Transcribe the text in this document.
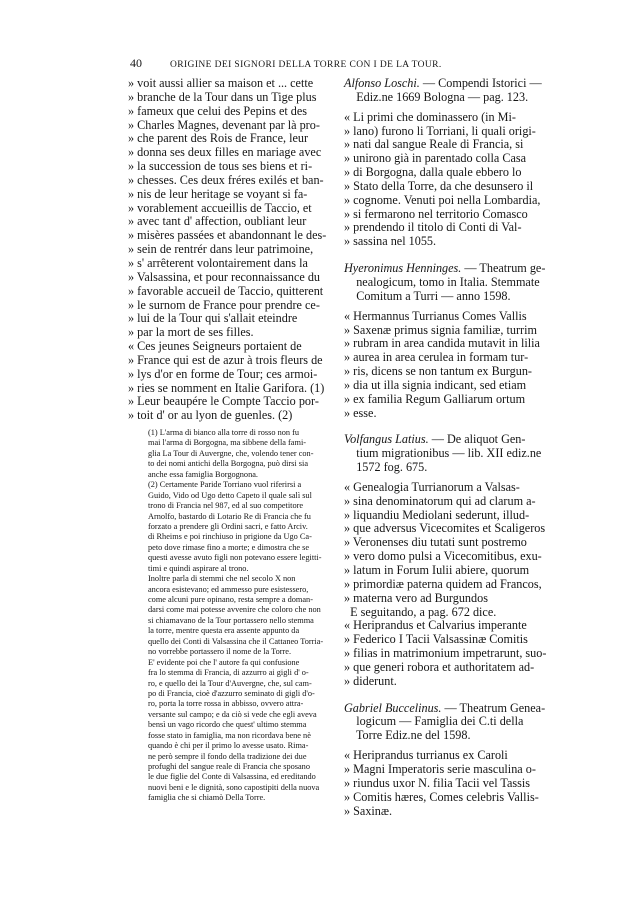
40	ORIGINE DEI SIGNORI DELLA TORRE CON I DE LA TOUR.
» voit aussi allier sa maison et ... cette
» branche de la Tour dans un Tige plus
» fameux que celui des Pepins et des
» Charles Magnes, devenant par là pro-
» che parent des Rois de France, leur
» donna ses deux filles en mariage avec
» la succession de tous ses biens et ri-
» chesses. Ces deux fréres exilés et ban-
» nis de leur heritage se voyant si fa-
» vorablement accueillis de Taccio, et
» avec tant d' affection, oubliant leur
» misères passées et abandonnant le des-
» sein de rentrér dans leur patrimoine,
» s' arrêterent volontairement dans la
» Valsassina, et pour reconnaissance du
» favorable accueil de Taccio, quitterent
» le surnom de France pour prendre ce-
» lui de la Tour qui s'allait eteindre
» par la mort de ses filles.
« Ces jeunes Seigneurs portaient de
» France qui est de azur à trois fleurs de
» lys d'or en forme de Tour; ces armoi-
» ries se nomment en Italie Garifora. (1)
» Leur beaupére le Compte Taccio por-
» toit d' or au lyon de guenles. (2)
(1) L'arma di bianco alla torre di rosso non fu
mai l'arma di Borgogna, ma sibbene della fami-
glia La Tour di Auvergne, che, volendo tener con-
to dei nomi antichi della Borgogna, può dirsi sia
anche essa famiglia Borgognona.
(2) Certamente Paride Torriano vuol riferirsi a
Guido, Vido od Ugo detto Capeto il quale salì sul
trono di Francia nel 987, ed al suo competitore
Arnolfo, bastardo di Lotario Re di Francia che fu
forzato a prendere gli Ordini sacri, e fatto Arciv.
di Rheims e poi rinchiuso in prigione da Ugo Ca-
peto dove rimase fino a morte; e dimostra che se
questi avesse avuto figli non potevano essere legitti-
timi e quindi aspirare al trono.
Inoltre parla di stemmi che nel secolo X non
ancora esistevano; ed ammesso pure esistessero,
come alcuni pure opinano, resta sempre a doman-
darsi come mai potesse avvenire che coloro che non
si chiamavano de la Tour portassero nello stemma
la torre, mentre questa era assente appunto da
quello dei Conti di Valsassina che il Cattaneo Torria-
no vorrebbe portassero il nome de la Torre.
E' evidente poi che l' autore fa qui confusione
fra lo stemma di Francia, di azzurro ai gigli d' o-
ro, e quello dei la Tour d'Auvergne, che, sul cam-
po di Francia, cioè d'azzurro seminato di gigli d'o-
ro, porta la torre rossa in abbisso, ovvero attra-
versante sul campo; e da ciò si vede che egli aveva
bensì un vago ricordo che quest' ultimo stemma
fosse stato in famiglia, ma non ricordava bene nè
quando è chi per il primo lo avesse usato. Rima-
ne però sempre il fondo della tradizione dei due
profughi del sangue reale di Francia che sposano
le due figlie del Conte di Valsassina, ed ereditando
nuovi beni e le dignità, sono capostipiti della nuova
famiglia che si chiamò Della Torre.
Alfonso Loschi. — Compendi Istorici —
Ediz.ne 1669 Bologna — pag. 123.
« Li primi che dominassero (in Mi-
» lano) furono li Torriani, li quali origi-
» nati dal sangue Reale di Francia, si
» unirono già in parentado colla Casa
» di Borgogna, dalla quale ebbero lo
» Stato della Torre, da che desunsero il
» cognome. Venuti poi nella Lombardia,
» si fermarono nel territorio Comasco
» prendendo il titolo di Conti di Val-
» sassina nel 1055.
Hyeronimus Henninges. — Theatrum ge-
nealogicum, tomo in Italia. Stemmate
Comitum a Turri — anno 1598.
« Hermannus Turrianus Comes Vallis
» Saxenæ primus signia familiæ, turrim
» rubram in area candida mutavit in lilia
» aurea in area cerulea in formam tur-
» ris, dicens se non tantum ex Burgun-
» dia ut illa signia indicant, sed etiam
» ex familia Regum Galliarum ortum
» esse.
Volfangus Latius. — De aliquot Gen-
tium migrationibus — lib. XII ediz.ne
1572 fog. 675.
« Genealogia Turrianorum a Valsas-
» sina denominatorum qui ad clarum a-
» liquandiu Mediolani sederunt, illud-
» que adversus Vicecomites et Scaligeros
» Veronenses diu tutati sunt postremo
» vero domo pulsi a Vicecomitibus, exu-
» latum in Forum Iulii abiere, quorum
» primordiæ paterna quidem ad Francos,
» materna vero ad Burgundos
E seguitando, a pag. 672 dice.
« Heriprandus et Calvarius imperante
» Federico I Tacii Valsassinæ Comitis
» filias in matrimonium impetrarunt, suo-
» que generi robora et authoritatem ad-
» diderunt.
Gabriel Buccelinus. — Theatrum Genea-
logicum — Famiglia dei C.ti della
Torre Ediz.ne del 1598.
« Heriprandus turrianus ex Caroli
» Magni Imperatoris serie masculina o-
» riundus uxor N. filia Tacii vel Tassis
» Comitis hæres, Comes celebris Vallis-
» Saxinæ.
